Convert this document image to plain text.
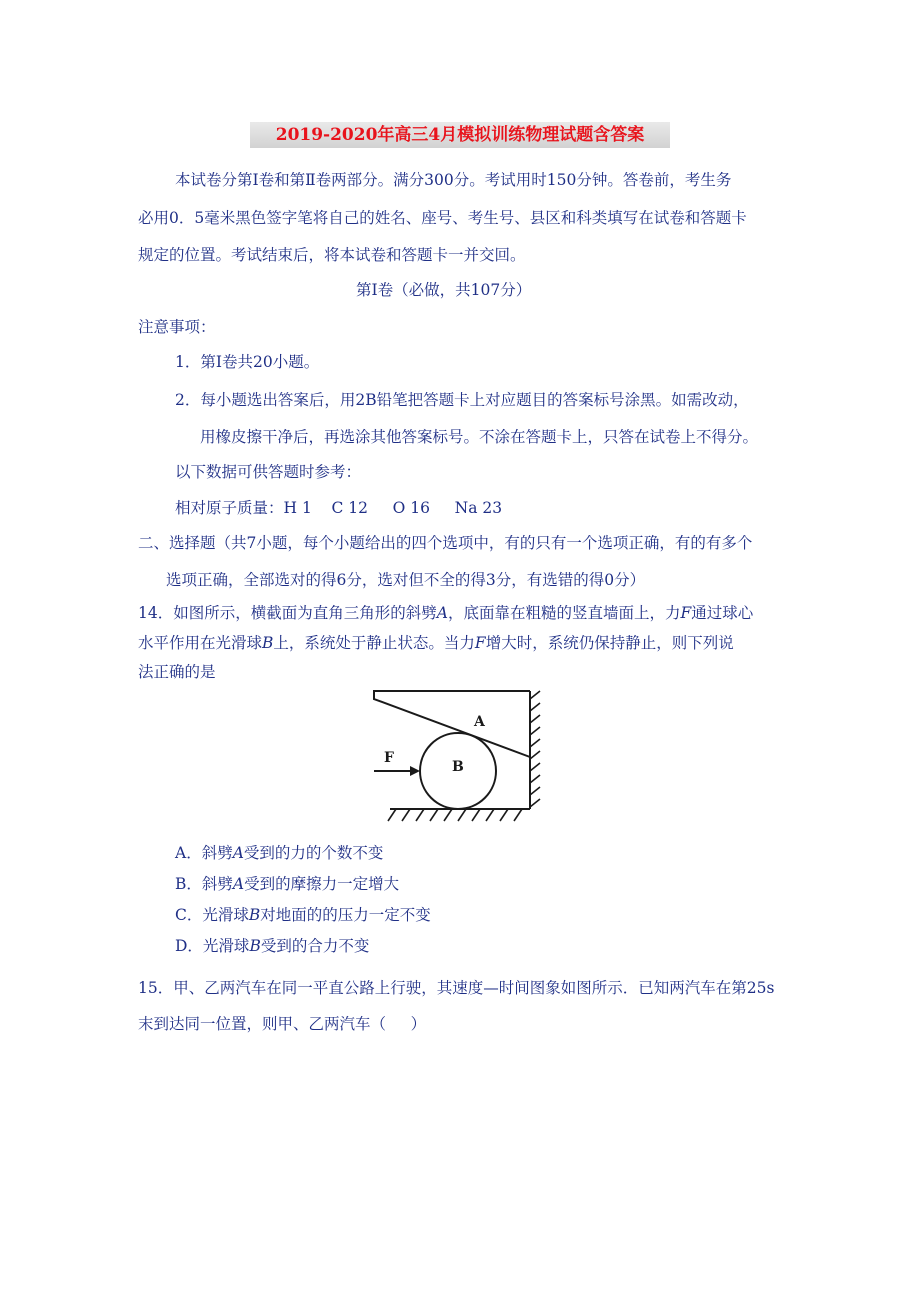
2019-2020年高三4月模拟训练物理试题含答案
本试卷分第Ⅰ卷和第Ⅱ卷两部分。满分300分。考试用时150分钟。答卷前，考生务
必用0．5毫米黑色签字笔将自己的姓名、座号、考生号、县区和科类填写在试卷和答题卡
规定的位置。考试结束后，将本试卷和答题卡一并交回。
第Ⅰ卷（必做，共107分）
注意事项：
1．第Ⅰ卷共20小题。
2．每小题选出答案后，用2B铅笔把答题卡上对应题目的答案标号涂黑。如需改动，
用橡皮擦干净后，再选涂其他答案标号。不涂在答题卡上，只答在试卷上不得分。
以下数据可供答题时参考：
相对原子质量：H 1    C 12     O 16     Na 23
二、选择题（共7小题，每个小题给出的四个选项中，有的只有一个选项正确，有的有多个
选项正确，全部选对的得6分，选对但不全的得3分，有选错的得0分）
14．如图所示，横截面为直角三角形的斜劈A，底面靠在粗糙的竖直墙面上，力F通过球心
水平作用在光滑球B上，系统处于静止状态。当力F增大时，系统仍保持静止，则下列说
法正确的是
A
B
F
A．斜劈A受到的力的个数不变
B．斜劈A受到的摩擦力一定增大
C．光滑球B对地面的的压力一定不变
D．光滑球B受到的合力不变
15．甲、乙两汽车在同一平直公路上行驶，其速度—时间图象如图所示．已知两汽车在第25s
末到达同一位置，则甲、乙两汽车（     ）
